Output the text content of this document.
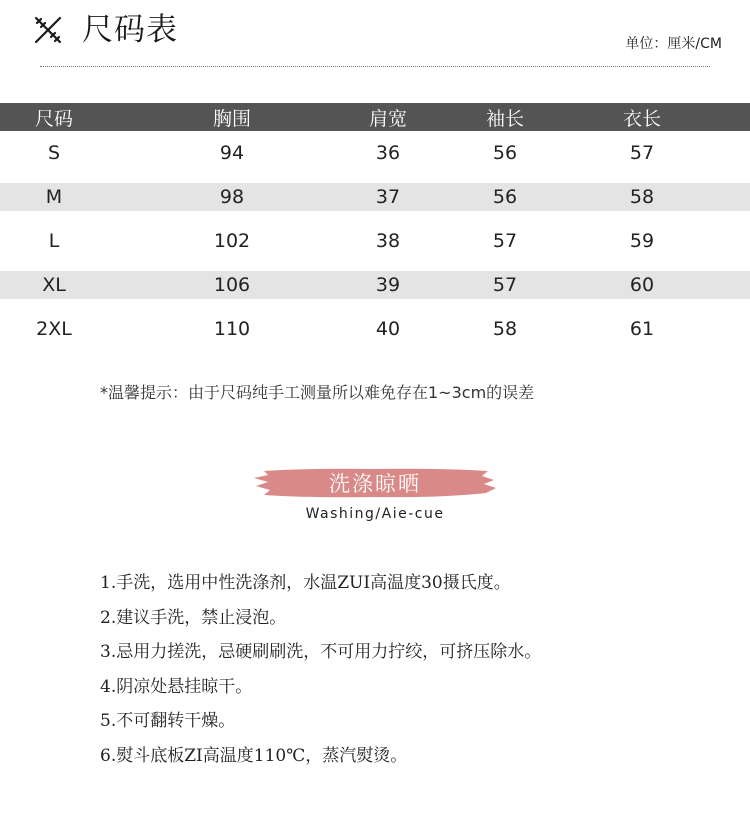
尺码表	单位：厘米/CM
尺码	胸围	肩宽	袖长	衣长
S	94	36	56	57
M	98	37	56	58
L	102	38	57	59
XL	106	39	57	60
2XL	110	40	58	61
*温馨提示：由于尺码纯手工测量所以难免存在1~3cm的误差
洗涤晾晒
Washing/Aie-cue
1.手洗，选用中性洗涤剂，水温ZUI高温度30摄氏度。
2.建议手洗，禁止浸泡。
3.忌用力搓洗，忌硬刷刷洗，不可用力拧绞，可挤压除水。
4.阴凉处悬挂晾干。
5.不可翻转干燥。
6.熨斗底板ZI高温度110℃，蒸汽熨烫。
